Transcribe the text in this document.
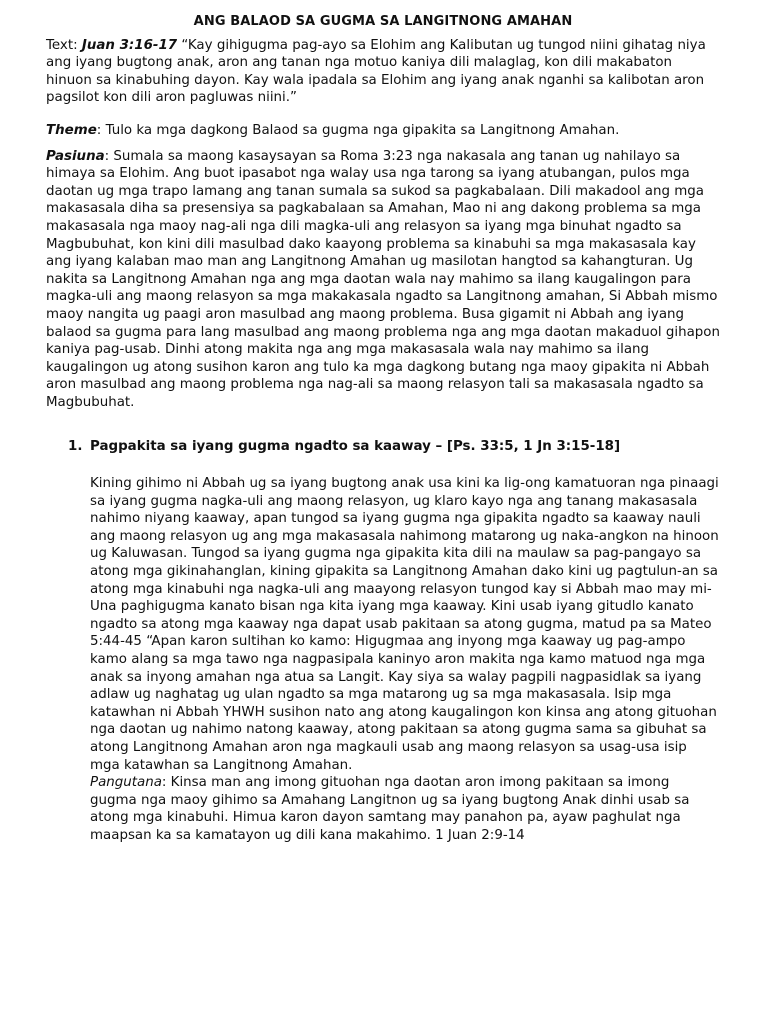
ANG BALAOD SA GUGMA SA LANGITNONG AMAHAN

Text: Juan 3:16-17 “Kay gihigugma pag-ayo sa Elohim ang Kalibutan ug tungod niini gihatag niya ang iyang bugtong anak, aron ang tanan nga motuo kaniya dili malaglag, kon dili makabaton hinuon sa kinabuhing dayon. Kay wala ipadala sa Elohim ang iyang anak nganhi sa kalibotan aron pagsilot kon dili aron pagluwas niini.”

Theme: Tulo ka mga dagkong Balaod sa gugma nga gipakita sa Langitnong Amahan.

Pasiuna: Sumala sa maong kasaysayan sa Roma 3:23 nga nakasala ang tanan ug nahilayo sa himaya sa Elohim. Ang buot ipasabot nga walay usa nga tarong sa iyang atubangan, pulos mga daotan ug mga trapo lamang ang tanan sumala sa sukod sa pagkabalaan. Dili makadool ang mga makasasala diha sa presensiya sa pagkabalaan sa Amahan, Mao ni ang dakong problema sa mga makasasala nga maoy nag-ali nga dili magka-uli ang relasyon sa iyang mga binuhat ngadto sa Magbubuhat, kon kini dili masulbad dako kaayong problema sa kinabuhi sa mga makasasala kay ang iyang kalaban mao man ang Langitnong Amahan ug masilotan hangtod sa kahangturan. Ug nakita sa Langitnong Amahan nga ang mga daotan wala nay mahimo sa ilang kaugalingon para magka-uli ang maong relasyon sa mga makakasala ngadto sa Langitnong amahan, Si Abbah mismo maoy nangita ug paagi aron masulbad ang maong problema. Busa gigamit ni Abbah ang iyang balaod sa gugma para lang masulbad ang maong problema nga ang mga daotan makaduol gihapon kaniya pag-usab. Dinhi atong makita nga ang mga makasasala wala nay mahimo sa ilang kaugalingon ug atong susihon karon ang tulo ka mga dagkong butang nga maoy gipakita ni Abbah aron masulbad ang maong problema nga nag-ali sa maong relasyon tali sa makasasala ngadto sa Magbubuhat.

1. Pagpakita sa iyang gugma ngadto sa kaaway – [Ps. 33:5, 1 Jn 3:15-18]

Kining gihimo ni Abbah ug sa iyang bugtong anak usa kini ka lig-ong kamatuoran nga pinaagi sa iyang gugma nagka-uli ang maong relasyon, ug klaro kayo nga ang tanang makasasala nahimo niyang kaaway, apan tungod sa iyang gugma nga gipakita ngadto sa kaaway nauli ang maong relasyon ug ang mga makasasala nahimong matarong ug naka-angkon na hinoon ug Kaluwasan. Tungod sa iyang gugma nga gipakita kita dili na maulaw sa pag-pangayo sa atong mga gikinahanglan, kining gipakita sa Langitnong Amahan dako kini ug pagtulun-an sa atong mga kinabuhi nga nagka-uli ang maayong relasyon tungod kay si Abbah mao may mi-Una paghigugma kanato bisan nga kita iyang mga kaaway. Kini usab iyang gitudlo kanato ngadto sa atong mga kaaway nga dapat usab pakitaan sa atong gugma, matud pa sa Mateo 5:44-45 “Apan karon sultihan ko kamo: Higugmaa ang inyong mga kaaway ug pag-ampo kamo alang sa mga tawo nga nagpasipala kaninyo aron makita nga kamo matuod nga mga anak sa inyong amahan nga atua sa Langit. Kay siya sa walay pagpili nagpasidlak sa iyang adlaw ug naghatag ug ulan ngadto sa mga matarong ug sa mga makasasala. Isip mga katawhan ni Abbah YHWH susihon nato ang atong kaugalingon kon kinsa ang atong gituohan nga daotan ug nahimo natong kaaway, atong pakitaan sa atong gugma sama sa gibuhat sa atong Langitnong Amahan aron nga magkauli usab ang maong relasyon sa usag-usa isip mga katawhan sa Langitnong Amahan.

Pangutana: Kinsa man ang imong gituohan nga daotan aron imong pakitaan sa imong gugma nga maoy gihimo sa Amahang Langitnon ug sa iyang bugtong Anak dinhi usab sa atong mga kinabuhi. Himua karon dayon samtang may panahon pa, ayaw paghulat nga maapsan ka sa kamatayon ug dili kana makahimo. 1 Juan 2:9-14
